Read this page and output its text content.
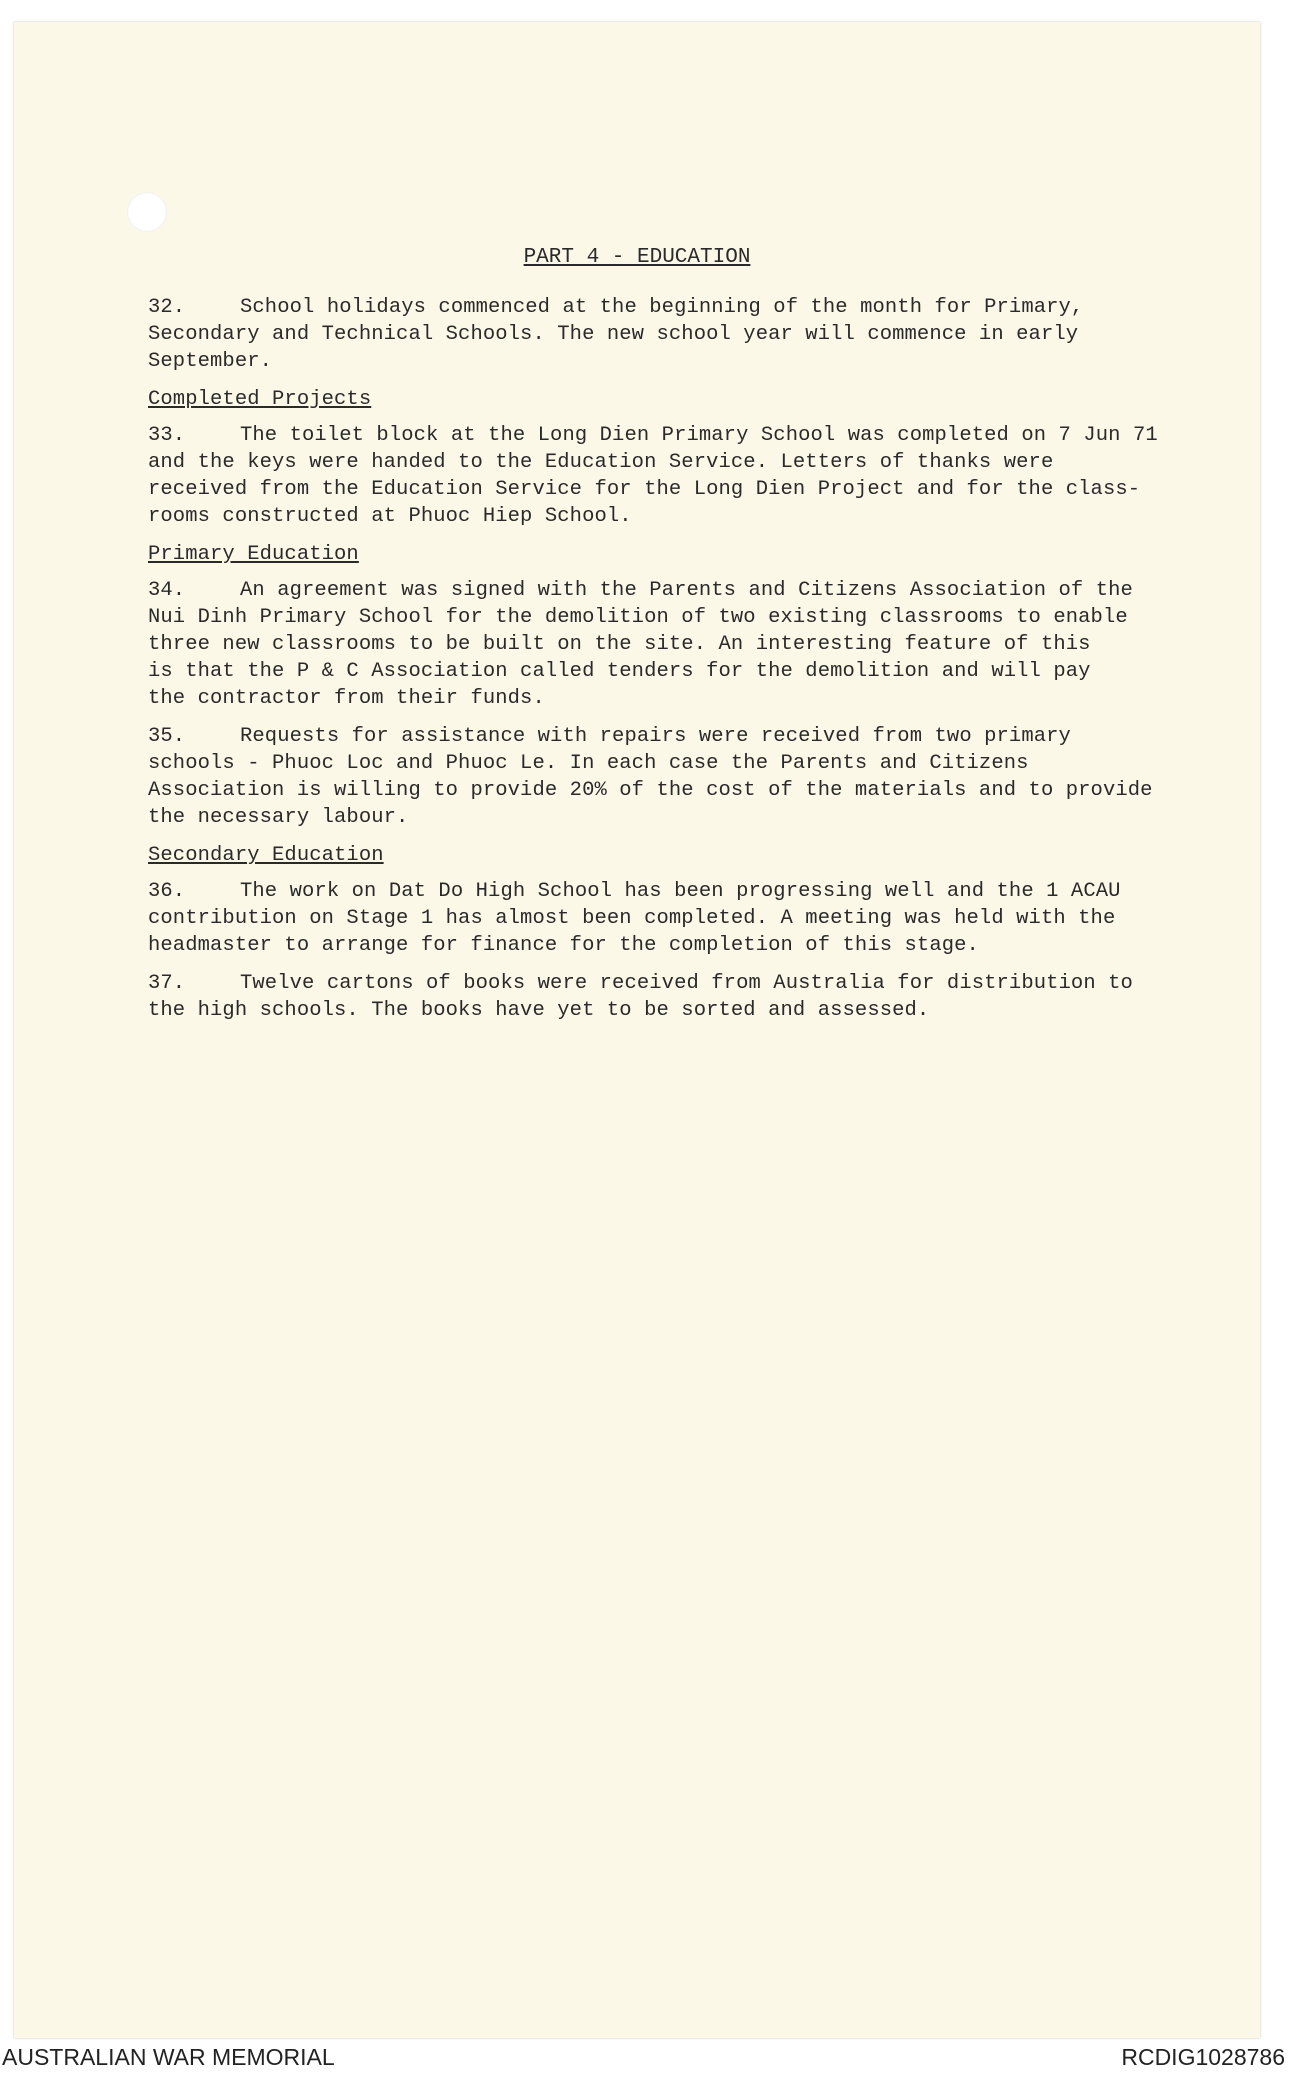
PART 4 - EDUCATION
32.	School holidays commenced at the beginning of the month for Primary,
Secondary and Technical Schools. The new school year will commence in early
September.
Completed Projects
33.	The toilet block at the Long Dien Primary School was completed on 7 Jun 71
and the keys were handed to the Education Service. Letters of thanks were
received from the Education Service for the Long Dien Project and for the class-
rooms constructed at Phuoc Hiep School.
Primary Education
34.	An agreement was signed with the Parents and Citizens Association of the
Nui Dinh Primary School for the demolition of two existing classrooms to enable
three new classrooms to be built on the site. An interesting feature of this
is that the P & C Association called tenders for the demolition and will pay
the contractor from their funds.
35.	Requests for assistance with repairs were received from two primary
schools - Phuoc Loc and Phuoc Le. In each case the Parents and Citizens
Association is willing to provide 20% of the cost of the materials and to provide
the necessary labour.
Secondary Education
36.	The work on Dat Do High School has been progressing well and the 1 ACAU
contribution on Stage 1 has almost been completed. A meeting was held with the
headmaster to arrange for finance for the completion of this stage.
37.	Twelve cartons of books were received from Australia for distribution to
the high schools. The books have yet to be sorted and assessed.
AUSTRALIAN WAR MEMORIAL	RCDIG1028786
